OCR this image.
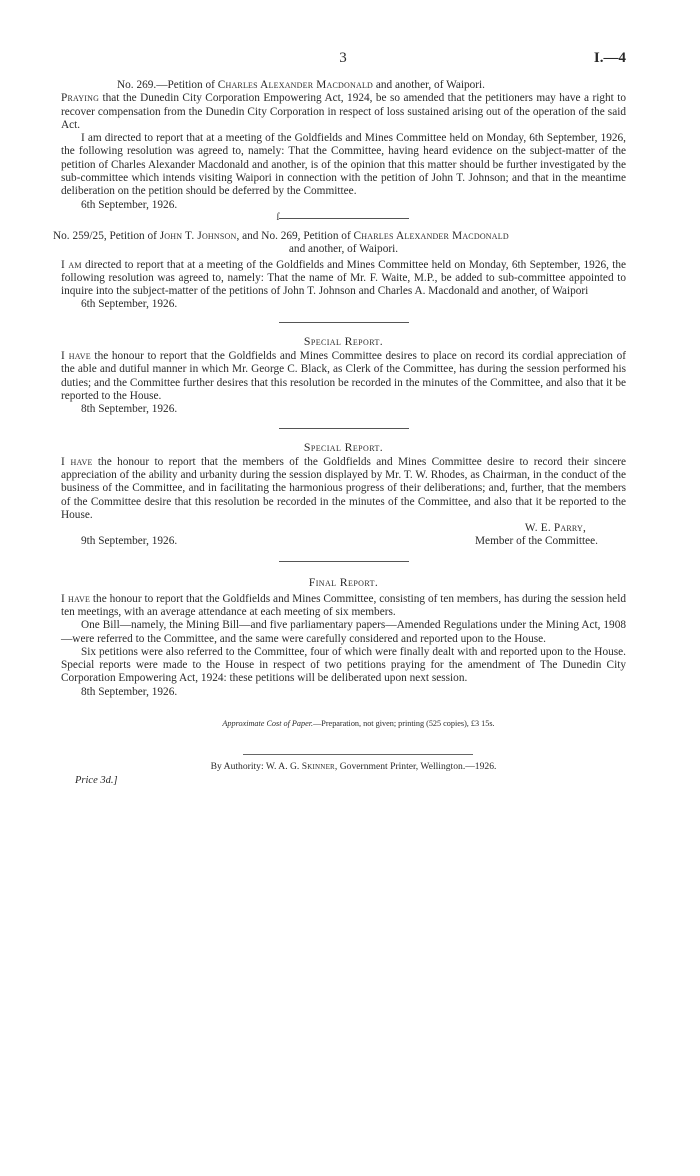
3	I.—4

No. 269.—Petition of Charles Alexander Macdonald and another, of Waipori.

Praying that the Dunedin City Corporation Empowering Act, 1924, be so amended that the petitioners may have a right to recover compensation from the Dunedin City Corporation in respect of loss sustained arising out of the operation of the said Act.

I am directed to report that at a meeting of the Goldfields and Mines Committee held on Monday, 6th September, 1926, the following resolution was agreed to, namely: That the Committee, having heard evidence on the subject-matter of the petition of Charles Alexander Macdonald and another, is of the opinion that this matter should be further investigated by the sub-committee which intends visiting Waipori in connection with the petition of John T. Johnson; and that in the meantime deliberation on the petition should be deferred by the Committee.

6th September, 1926.

ſ

No. 259/25, Petition of John T. Johnson, and No. 269, Petition of Charles Alexander Macdonald

and another, of Waipori.

I am directed to report that at a meeting of the Goldfields and Mines Committee held on Monday, 6th September, 1926, the following resolution was agreed to, namely: That the name of Mr. F. Waite, M.P., be added to sub-committee appointed to inquire into the subject-matter of the petitions of John T. Johnson and Charles A. Macdonald and another, of Waipori

6th September, 1926.

Special Report.

I have the honour to report that the Goldfields and Mines Committee desires to place on record its cordial appreciation of the able and dutiful manner in which Mr. George C. Black, as Clerk of the Committee, has during the session performed his duties; and the Committee further desires that this resolution be recorded in the minutes of the Committee, and also that it be reported to the House.

8th September, 1926.

Special Report.

I have the honour to report that the members of the Goldfields and Mines Committee desire to record their sincere appreciation of the ability and urbanity during the session displayed by Mr. T. W. Rhodes, as Chairman, in the conduct of the business of the Committee, and in facilitating the harmonious progress of their deliberations; and, further, that the members of the Committee desire that this resolution be recorded in the minutes of the Committee, and also that it be reported to the House.

W. E. Parry,
9th September, 1926.	Member of the Committee.

Final Report.

I have the honour to report that the Goldfields and Mines Committee, consisting of ten members, has during the session held ten meetings, with an average attendance at each meeting of six members.

One Bill—namely, the Mining Bill—and five parliamentary papers—Amended Regulations under the Mining Act, 1908—were referred to the Committee, and the same were carefully considered and reported upon to the House.

Six petitions were also referred to the Committee, four of which were finally dealt with and reported upon to the House. Special reports were made to the House in respect of two petitions praying for the amendment of The Dunedin City Corporation Empowering Act, 1924: these petitions will be deliberated upon next session.

8th September, 1926.

Approximate Cost of Paper.—Preparation, not given; printing (525 copies), £3 15s.

By Authority: W. A. G. Skinner, Government Printer, Wellington.—1926.

Price 3d.]
